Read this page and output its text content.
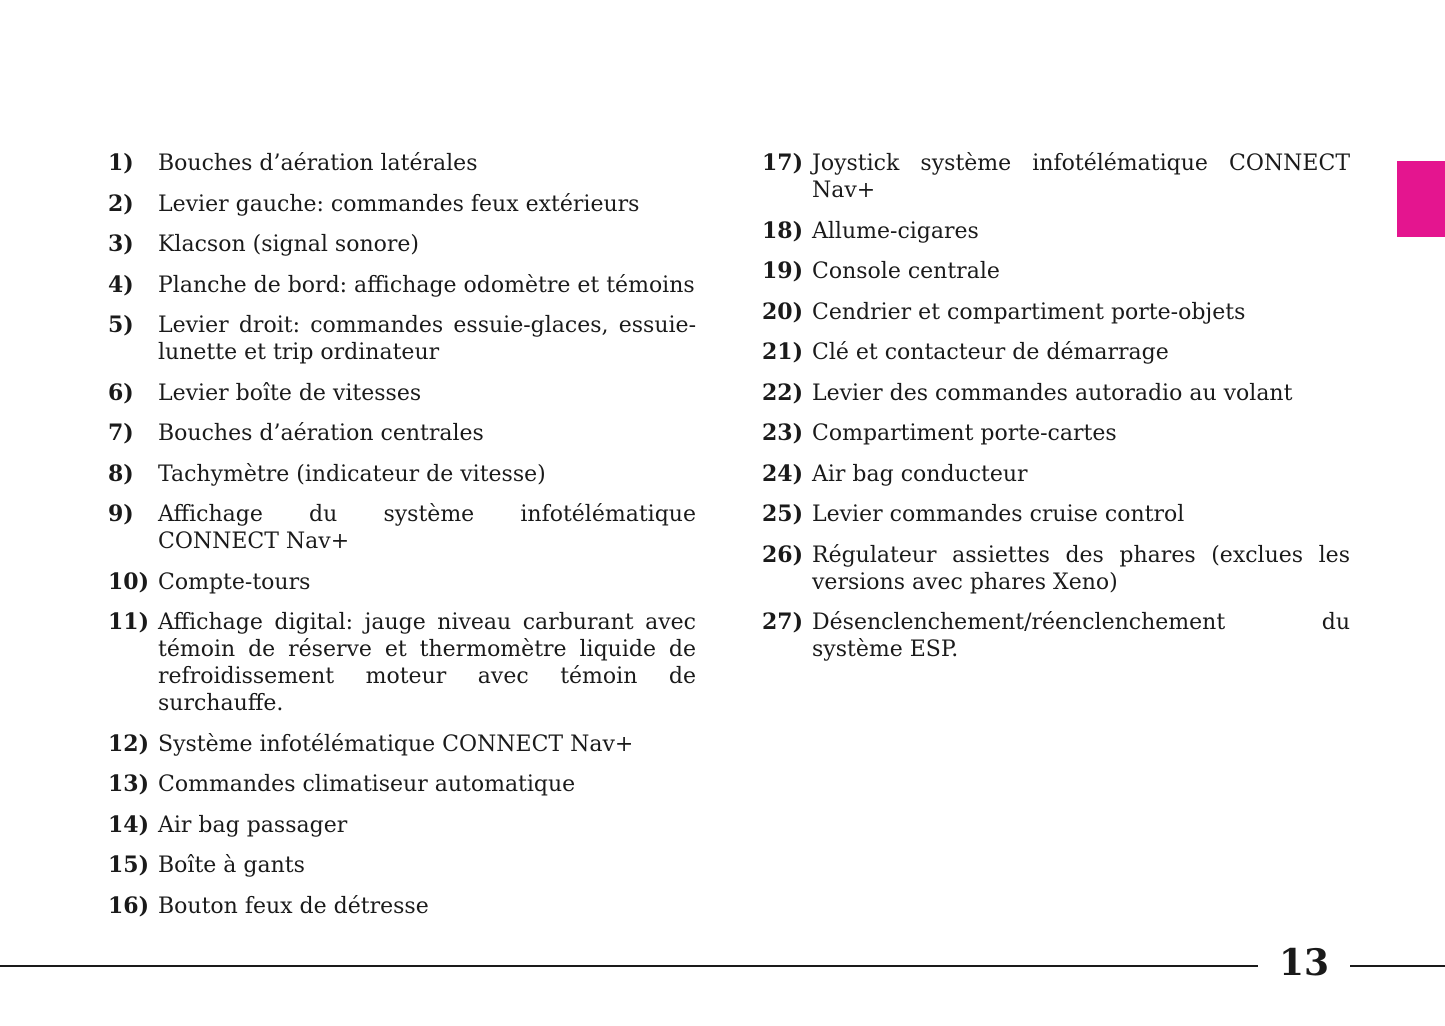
1) Bouches d’aération latérales
2) Levier gauche: commandes feux extérieurs
3) Klacson (signal sonore)
4) Planche de bord: affichage odomètre et témoins
5) Levier droit: commandes essuie-glaces, essuie-lunette et trip ordinateur
6) Levier boîte de vitesses
7) Bouches d’aération centrales
8) Tachymètre (indicateur de vitesse)
9) Affichage du système infotélématique CONNECT Nav+
10) Compte-tours
11) Affichage digital: jauge niveau carburant avec témoin de réserve et thermomètre liquide de refroidissement moteur avec témoin de surchauffe.
12) Système infotélématique CONNECT Nav+
13) Commandes climatiseur automatique
14) Air bag passager
15) Boîte à gants
16) Bouton feux de détresse
17) Joystick système infotélématique CONNECT Nav+
18) Allume-cigares
19) Console centrale
20) Cendrier et compartiment porte-objets
21) Clé et contacteur de démarrage
22) Levier des commandes autoradio au volant
23) Compartiment porte-cartes
24) Air bag conducteur
25) Levier commandes cruise control
26) Régulateur assiettes des phares (exclues les versions avec phares Xeno)
27) Désenclenchement/réenclenchement du système ESP.
13
